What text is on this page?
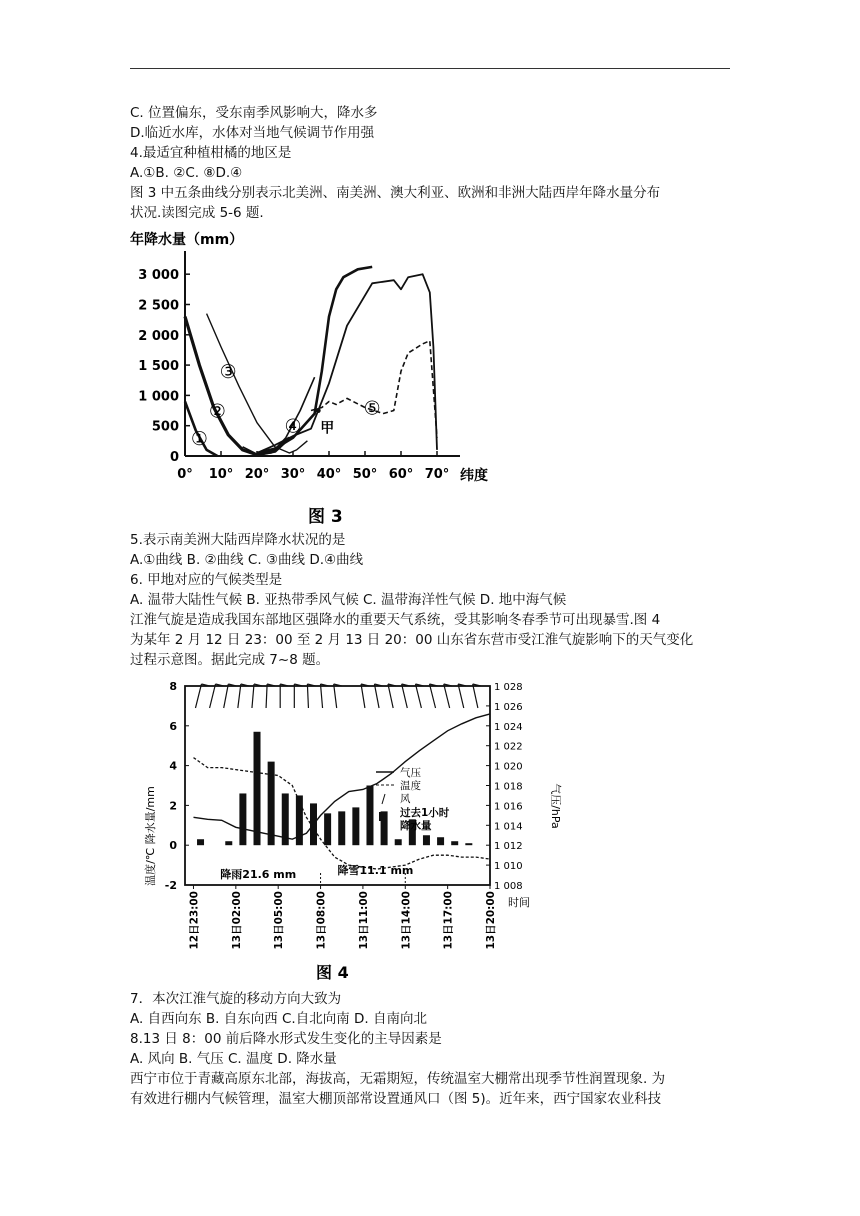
C. 位置偏东，受东南季风影响大，降水多
D.临近水库，水体对当地气候调节作用强
4.最适宜种植柑橘的地区是
A.①B. ②C. ⑧D.④
图 3 中五条曲线分别表示北美洲、南美洲、澳大利亚、欧洲和非洲大陆西岸年降水量分布
状况.读图完成 5-6 题.
年降水量（mm）
纬度
图 3
0
500
1 000
1 500
2 000
2 500
3 000
0° 10° 20° 30° 40° 50° 60° 70°
①
②
③
④
⑤
甲
5.表示南美洲大陆西岸降水状况的是
A.①曲线 B. ②曲线 C. ③曲线 D.④曲线
6. 甲地对应的气候类型是
A. 温带大陆性气候 B. 亚热带季风气候 C. 温带海洋性气候 D. 地中海气候
江淮气旋是造成我国东部地区强降水的重要天气系统，受其影响冬春季节可出现暴雪.图 4
为某年 2 月 12 日 23：00 至 2 月 13 日 20：00 山东省东营市受江淮气旋影响下的天气变化
过程示意图。据此完成 7~8 题。
温度/℃ 降水量/mm	气压/hPa
时间
图 4
-2
0
2
4
6
8
1 008
1 010
1 012
1 014
1 016
1 018
1 020
1 022
1 024
1 026
1 028
12日23:00	13日02:00	13日05:00	13日08:00	13日11:00	13日14:00	13日17:00	13日20:00
气压
温度
风
过去1小时
降水量
降雨21.6 mm	降雪11.1 mm
7．本次江淮气旋的移动方向大致为
A. 自西向东 B. 自东向西 C.自北向南 D. 自南向北
8.13 日 8：00 前后降水形式发生变化的主导因素是
A. 风向 B. 气压 C. 温度 D. 降水量
西宁市位于青藏高原东北部，海拔高，无霜期短，传统温室大棚常出现季节性润置现象. 为
有效进行棚内气候管理，温室大棚顶部常设置通风口（图 5)。近年来，西宁国家农业科技
